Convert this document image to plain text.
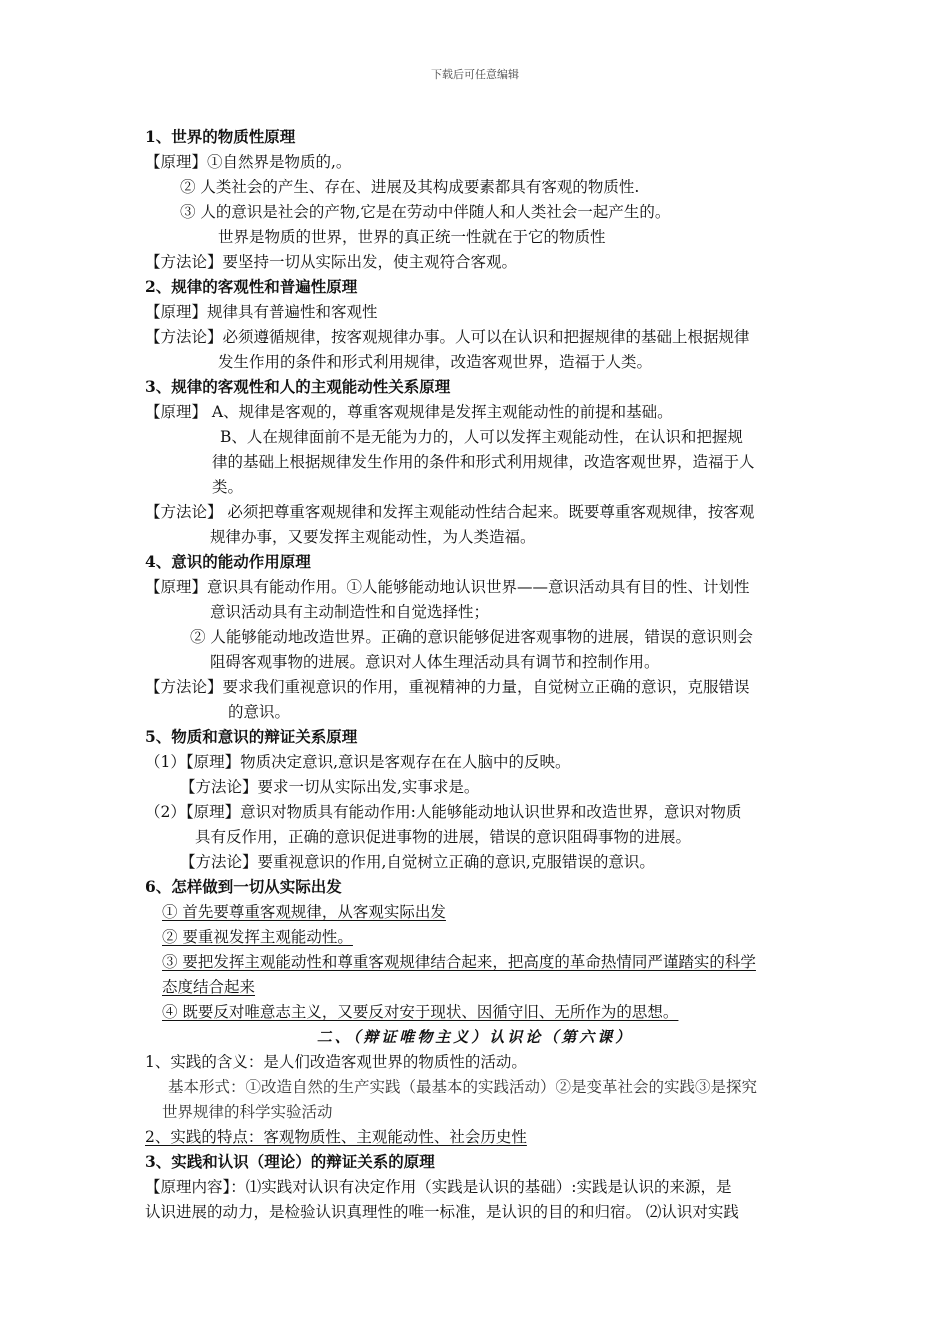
下载后可任意编辑
1、世界的物质性原理
【原理】①自然界是物质的,。
② 人类社会的产生、存在、进展及其构成要素都具有客观的物质性.
③ 人的意识是社会的产物,它是在劳动中伴随人和人类社会一起产生的。
世界是物质的世界，世界的真正统一性就在于它的物质性
【方法论】要坚持一切从实际出发，使主观符合客观。
2、规律的客观性和普遍性原理
【原理】规律具有普遍性和客观性
【方法论】必须遵循规律，按客观规律办事。人可以在认识和把握规律的基础上根据规律
发生作用的条件和形式利用规律，改造客观世界，造福于人类。
3、规律的客观性和人的主观能动性关系原理
【原理】 A、规律是客观的，尊重客观规律是发挥主观能动性的前提和基础。
B、人在规律面前不是无能为力的，人可以发挥主观能动性，在认识和把握规
律的基础上根据规律发生作用的条件和形式利用规律，改造客观世界，造福于人
类。
【方法论】 必须把尊重客观规律和发挥主观能动性结合起来。既要尊重客观规律，按客观
规律办事，又要发挥主观能动性，为人类造福。
4、意识的能动作用原理
【原理】意识具有能动作用。①人能够能动地认识世界——意识活动具有目的性、计划性
意识活动具有主动制造性和自觉选择性；
② 人能够能动地改造世界。正确的意识能够促进客观事物的进展，错误的意识则会
阻碍客观事物的进展。意识对人体生理活动具有调节和控制作用。
【方法论】要求我们重视意识的作用，重视精神的力量，自觉树立正确的意识，克服错误
的意识。
5、物质和意识的辩证关系原理
（1）【原理】物质决定意识,意识是客观存在在人脑中的反映。
【方法论】要求一切从实际出发,实事求是。
（2）【原理】意识对物质具有能动作用:人能够能动地认识世界和改造世界，意识对物质
具有反作用，正确的意识促进事物的进展，错误的意识阻碍事物的进展。
【方法论】要重视意识的作用,自觉树立正确的意识,克服错误的意识。
6、怎样做到一切从实际出发
① 首先要尊重客观规律，从客观实际出发
② 要重视发挥主观能动性。
③ 要把发挥主观能动性和尊重客观规律结合起来，把高度的革命热情同严谨踏实的科学
态度结合起来
④ 既要反对唯意志主义，又要反对安于现状、因循守旧、无所作为的思想。
1、实践的含义：是人们改造客观世界的物质性的活动。
基本形式：①改造自然的生产实践（最基本的实践活动）②是变革社会的实践③是探究
世界规律的科学实验活动
2、实践的特点：客观物质性、主观能动性、社会历史性
3、实践和认识（理论）的辩证关系的原理
【原理内容】：⑴实践对认识有决定作用（实践是认识的基础）:实践是认识的来源，是
认识进展的动力，是检验认识真理性的唯一标准，是认识的目的和归宿。 ⑵认识对实践
二、（辩证唯物主义）认识论（第六课）
